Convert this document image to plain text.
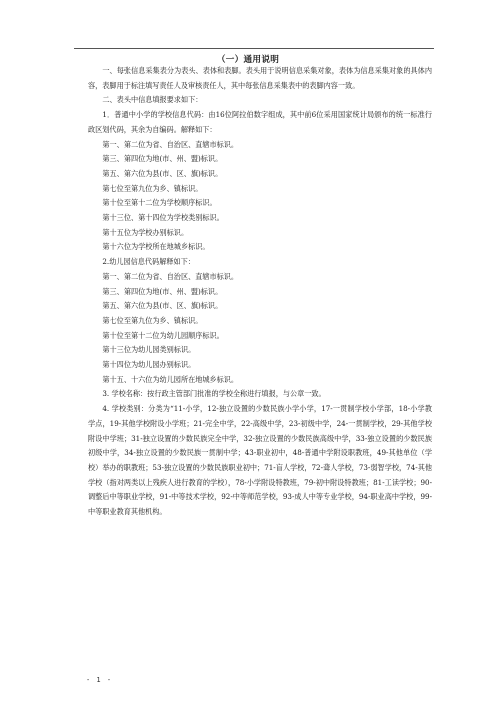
（一）通用说明

一、每张信息采集表分为表头、表体和表脚。表头用于说明信息采集对象，表体为信息采集对象的具体内容，表脚用于标注填写责任人及审核责任人，其中每张信息采集表中的表脚内容一致。

二、表头中信息填报要求如下：

1．普通中小学的学校信息代码：由16位阿拉伯数字组成，其中前6位采用国家统计局颁布的统一标准行政区划代码，其余为自编码。解释如下：

第一、第二位为省、自治区、直辖市标识。

第三、第四位为地(市、州、盟)标识。

第五、第六位为县(市、区、旗)标识。

第七位至第九位为乡、镇标识。

第十位至第十二位为学校顺序标识。

第十三位、第十四位为学校类别标识。

第十五位为学校办别标识。

第十六位为学校所在地城乡标识。

2.幼儿园信息代码解释如下：

第一、第二位为省、自治区、直辖市标识。

第三、第四位为地(市、州、盟)标识。

第五、第六位为县(市、区、旗)标识。

第七位至第九位为乡、镇标识。

第十位至第十二位为幼儿园顺序标识。

第十三位为幼儿园类别标识。

第十四位为幼儿园办别标识。

第十五、十六位为幼儿园所在地城乡标识。

3. 学校名称：按行政主管部门批准的学校全称进行填报，与公章一致。

4. 学校类别：分类为“11-小学，12-独立设置的少数民族小学小学，17-一贯制学校小学部，18-小学教学点，19-其他学校附设小学班；21-完全中学，22-高级中学，23-初级中学，24-一贯制学校，29-其他学校附设中学班；31-独立设置的少数民族完全中学，32-独立设置的少数民族高级中学，33-独立设置的少数民族初级中学，34-独立设置的少数民族一贯制中学；43-职业初中，48-普通中学附设职教班，49-其他单位（学校）举办的职教班；53-独立设置的少数民族职业初中；71-盲人学校，72-聋人学校，73-弱智学校，74-其他学校（指对两类以上残疾人进行教育的学校），78-小学附设特教班，79-初中附设特教班；81-工读学校；90-调整后中等职业学校，91-中等技术学校，92-中等师范学校，93-成人中等专业学校，94-职业高中学校，99-中等职业教育其他机构。

- 1 -
